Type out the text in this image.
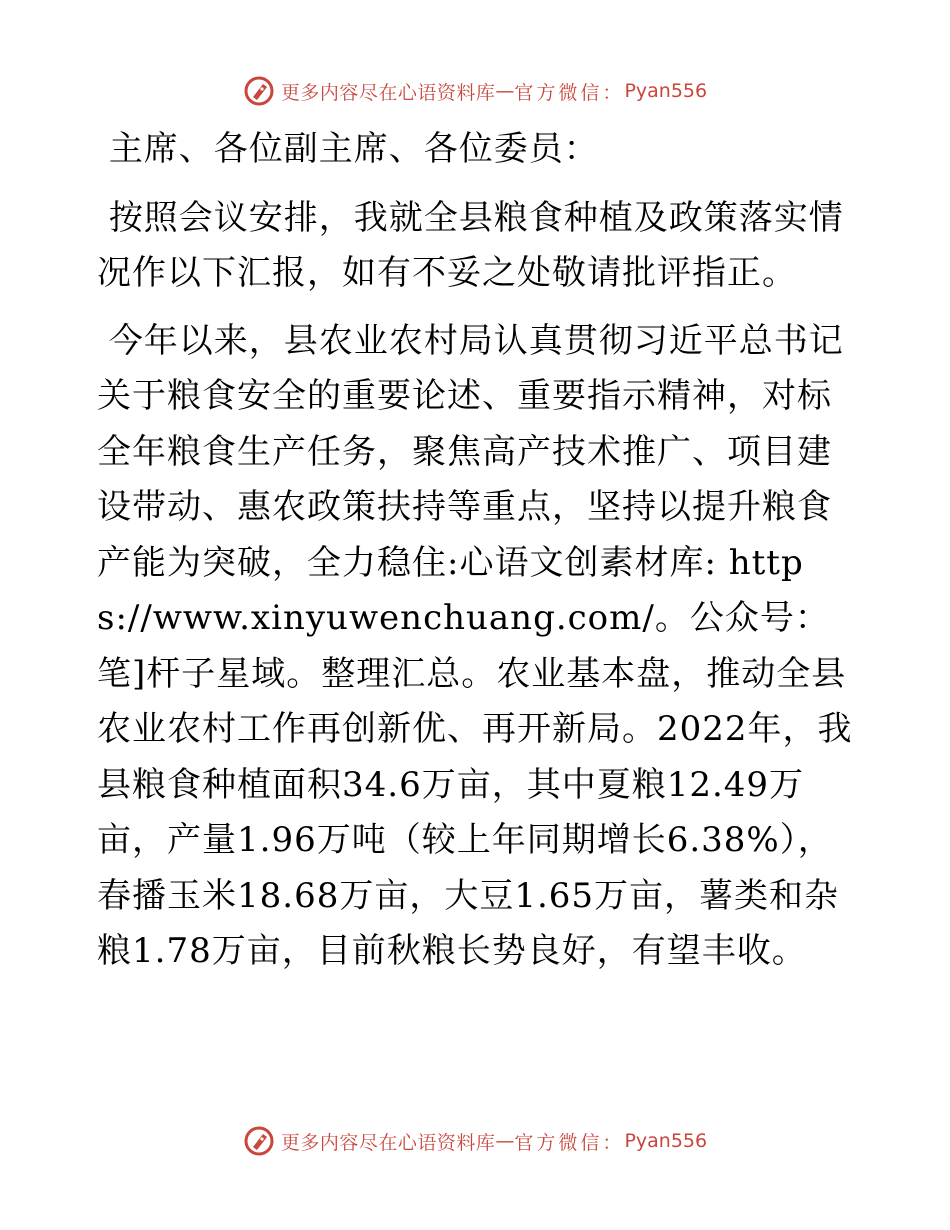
更多内容尽在心语资料库 — 官方微信： Pyan556

主席、各位副主席、各位委员：

按照会议安排，我就全县粮食种植及政策落实情况作以下汇报，如有不妥之处敬请批评指正。

今年以来，县农业农村局认真贯彻习近平总书记关于粮食安全的重要论述、重要指示精神，对标全年粮食生产任务，聚焦高产技术推广、项目建设带动、惠农政策扶持等重点，坚持以提升粮食产能为突破，全力稳住:心语文创素材库: https://www.xinyuwenchuang.com/。公众号：笔]杆子星域。整理汇总。农业基本盘，推动全县农业农村工作再创新优、再开新局。2022年，我县粮食种植面积34.6万亩，其中夏粮12.49万亩，产量1.96万吨（较上年同期增长6.38%），春播玉米18.68万亩，大豆1.65万亩，薯类和杂粮1.78万亩，目前秋粮长势良好，有望丰收。

更多内容尽在心语资料库 — 官方微信： Pyan556
